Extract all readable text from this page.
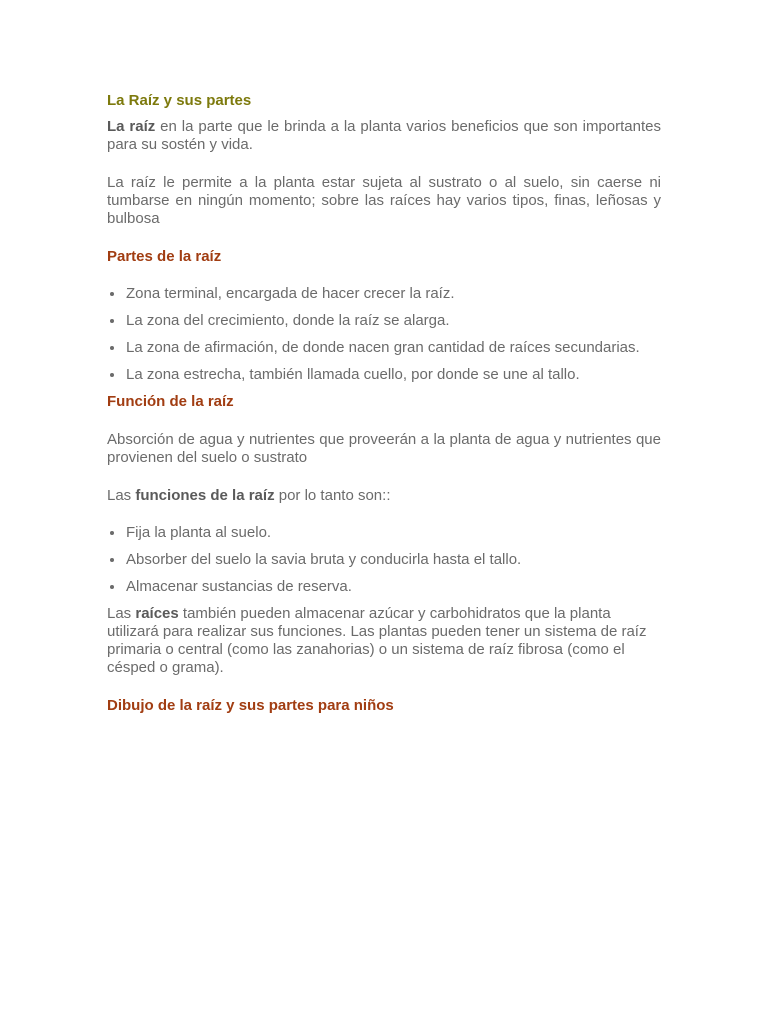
La Raíz y sus partes

La raíz en la parte que le brinda a la planta varios beneficios que son importantes para su sostén y vida.

La raíz le permite a la planta estar sujeta al sustrato o al suelo, sin caerse ni tumbarse en ningún momento; sobre las raíces hay varios tipos, finas, leñosas y bulbosa

Partes de la raíz
Zona terminal, encargada de hacer crecer la raíz.
La zona del crecimiento, donde la raíz se alarga.
La zona de afirmación, de donde nacen gran cantidad de raíces secundarias.
La zona estrecha, también llamada cuello, por donde se une al tallo.
Función de la raíz

Absorción de agua y nutrientes que proveerán a la planta de agua y nutrientes que provienen del suelo o sustrato

Las funciones de la raíz por lo tanto son::

Fija la planta al suelo.
Absorber del suelo la savia bruta y conducirla hasta el tallo.
Almacenar sustancias de reserva.

Las raíces también pueden almacenar azúcar y carbohidratos que la planta utilizará para realizar sus funciones. Las plantas pueden tener un sistema de raíz primaria o central (como las zanahorias) o un sistema de raíz fibrosa (como el césped o grama).

Dibujo de la raíz y sus partes para niños
